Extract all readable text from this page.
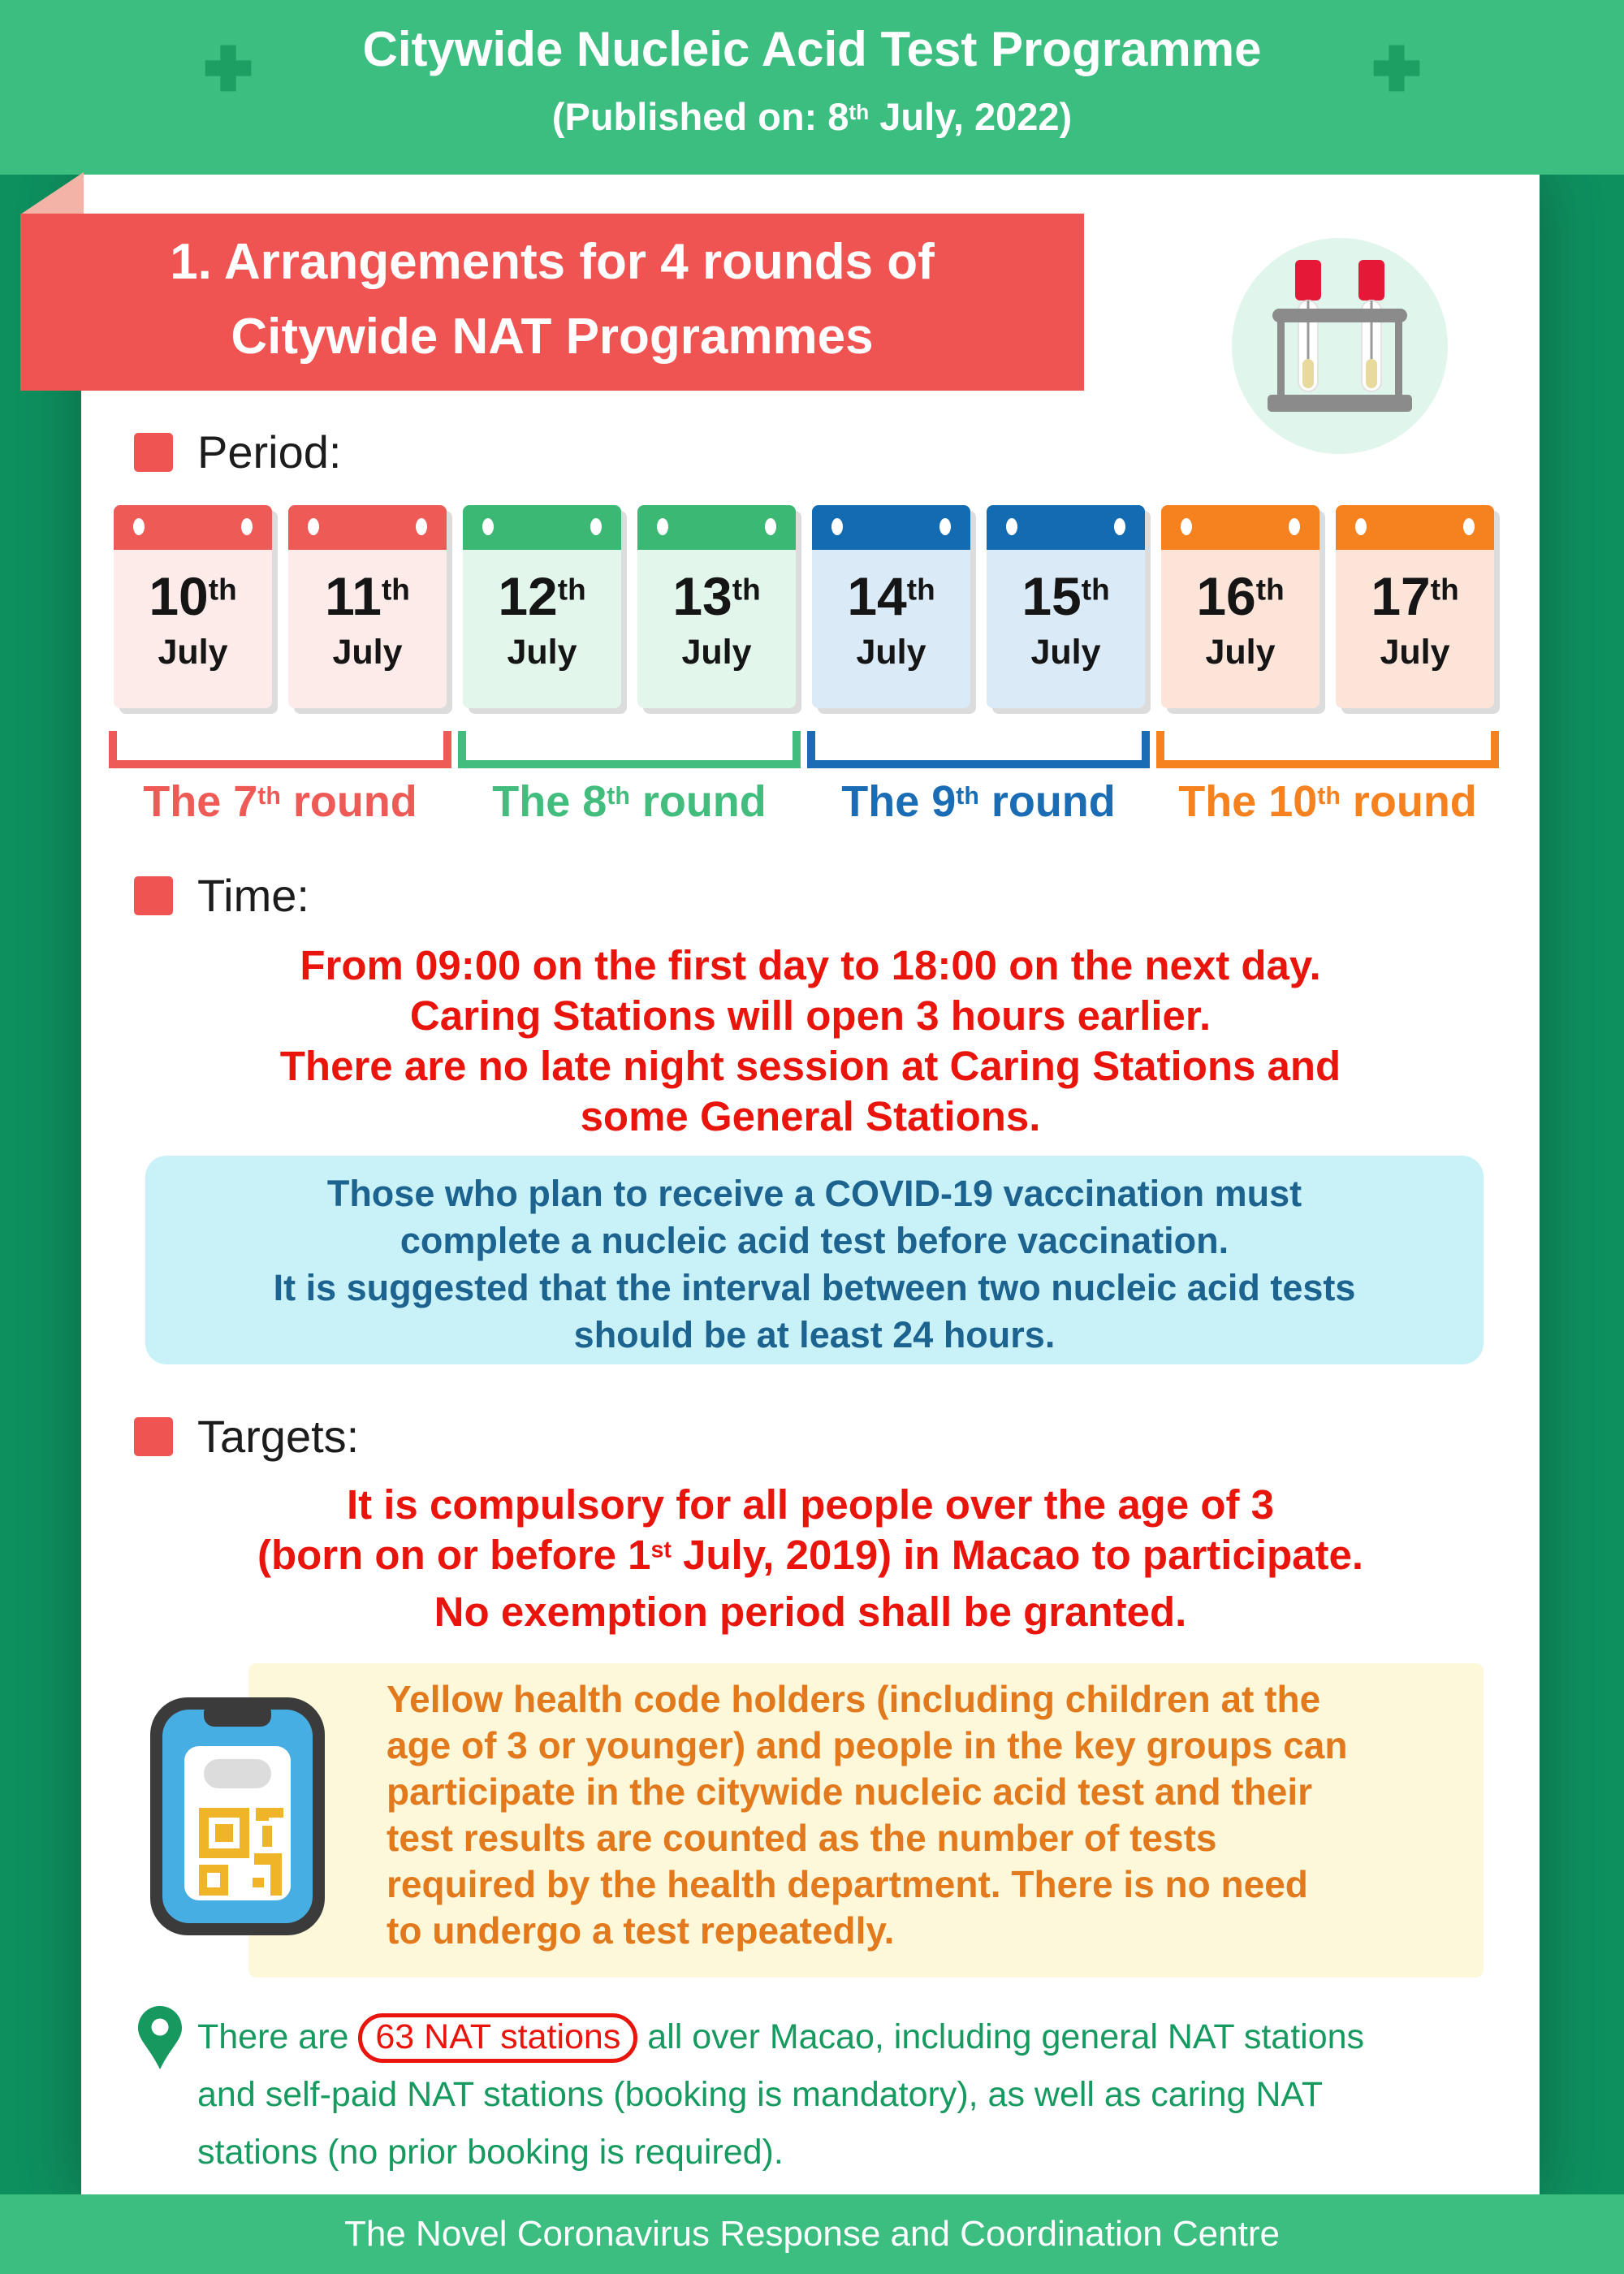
Citywide Nucleic Acid Test Programme
(Published on: 8th July, 2022)
1. Arrangements for 4 rounds of
Citywide NAT Programmes
Period:
10th
July
11th
July
12th
July
13th
July
14th
July
15th
July
16th
July
17th
July
The 7th round	The 8th round	The 9th round	The 10th round
Time:
From 09:00 on the first day to 18:00 on the next day.
Caring Stations will open 3 hours earlier.
There are no late night session at Caring Stations and
some General Stations.
Those who plan to receive a COVID-19 vaccination must
complete a nucleic acid test before vaccination.
It is suggested that the interval between two nucleic acid tests
should be at least 24 hours.
Targets:
It is compulsory for all people over the age of 3
(born on or before 1st July, 2019) in Macao to participate.
No exemption period shall be granted.
Yellow health code holders (including children at the
age of 3 or younger) and people in the key groups can
participate in the citywide nucleic acid test and their
test results are counted as the number of tests
required by the health department. There is no need
to undergo a test repeatedly.
There are 63 NAT stations all over Macao, including general NAT stations
and self-paid NAT stations (booking is mandatory), as well as caring NAT
stations (no prior booking is required).
The Novel Coronavirus Response and Coordination Centre
